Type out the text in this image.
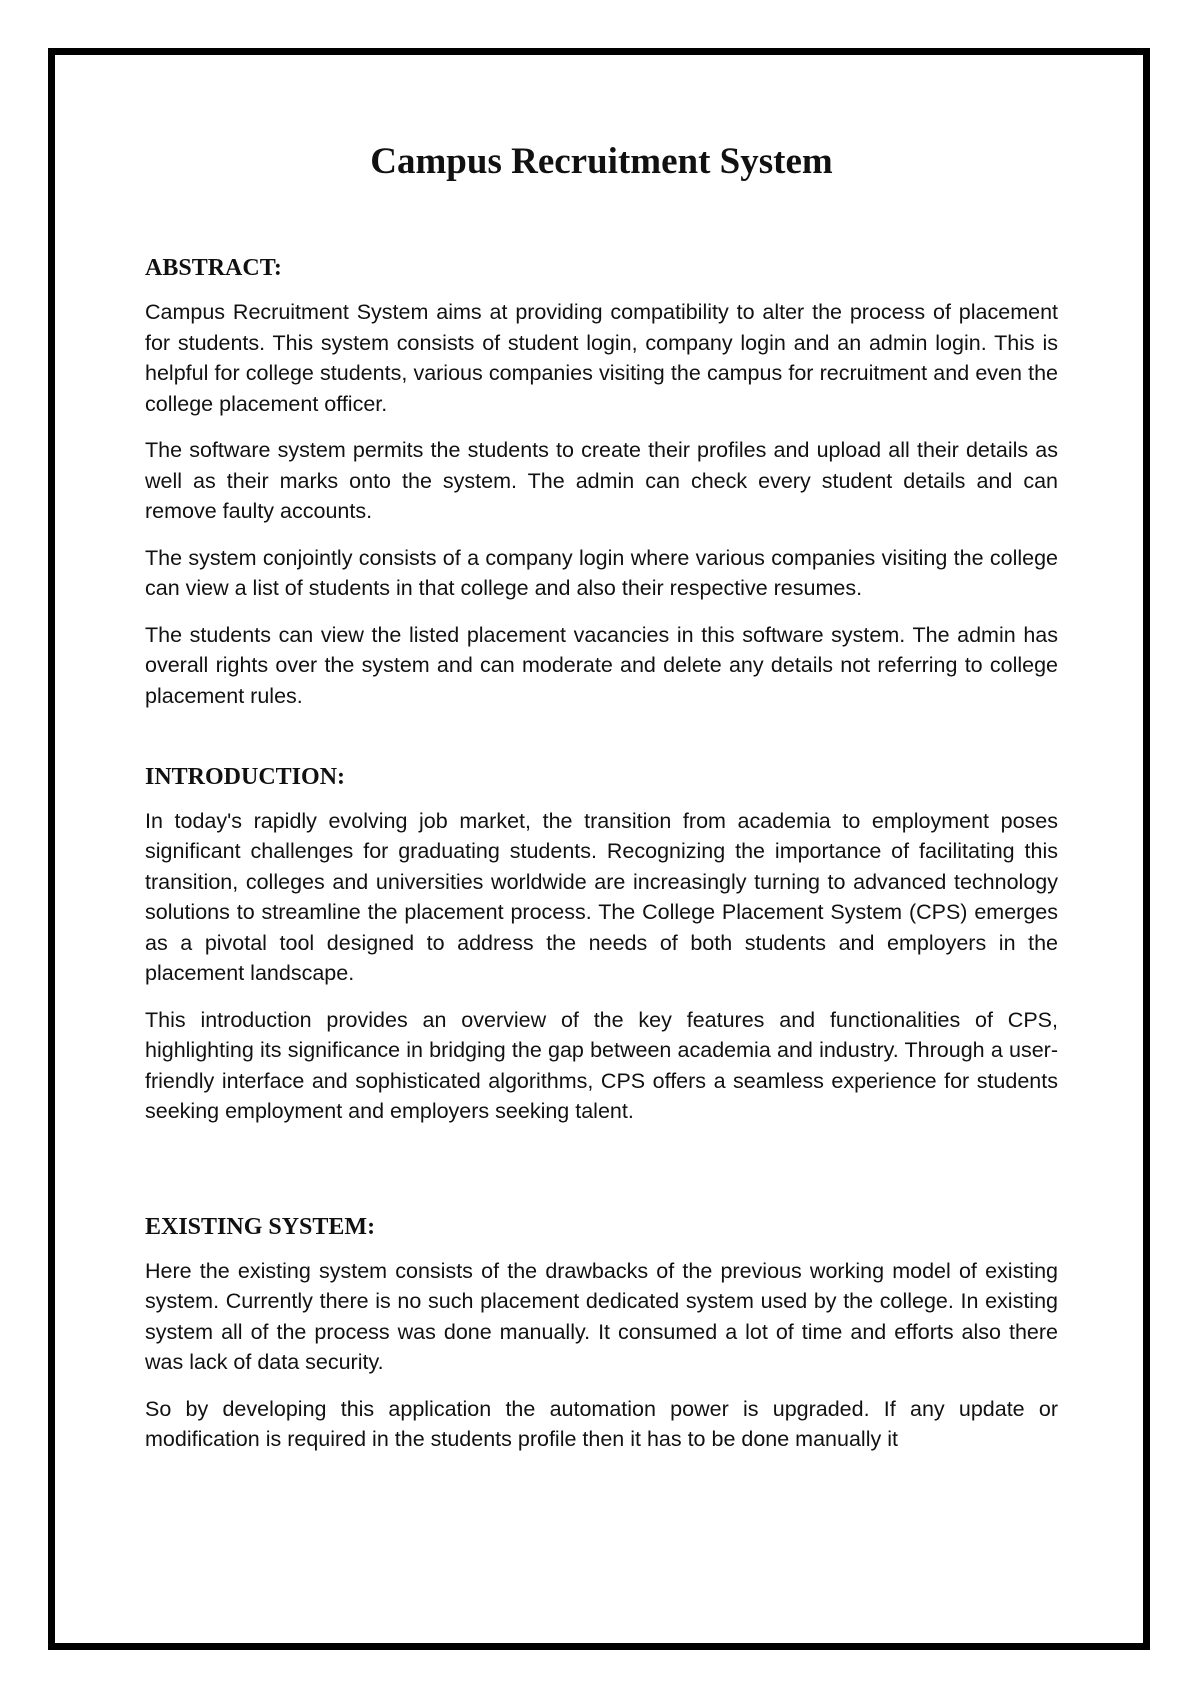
Campus Recruitment System
ABSTRACT:

Campus Recruitment System aims at providing compatibility to alter the process of placement for students. This system consists of student login, company login and an admin login. This is helpful for college students, various companies visiting the campus for recruitment and even the college placement officer.

The software system permits the students to create their profiles and upload all their details as well as their marks onto the system. The admin can check every student details and can remove faulty accounts.

The system conjointly consists of a company login where various companies visiting the college can view a list of students in that college and also their respective resumes.

The students can view the listed placement vacancies in this software system. The admin has overall rights over the system and can moderate and delete any details not referring to college placement rules.

INTRODUCTION:

In today's rapidly evolving job market, the transition from academia to employment poses significant challenges for graduating students. Recognizing the importance of facilitating this transition, colleges and universities worldwide are increasingly turning to advanced technology solutions to streamline the placement process. The College Placement System (CPS) emerges as a pivotal tool designed to address the needs of both students and employers in the placement landscape.

This introduction provides an overview of the key features and functionalities of CPS, highlighting its significance in bridging the gap between academia and industry. Through a user-friendly interface and sophisticated algorithms, CPS offers a seamless experience for students seeking employment and employers seeking talent.

EXISTING SYSTEM:

Here the existing system consists of the drawbacks of the previous working model of existing system. Currently there is no such placement dedicated system used by the college. In existing system all of the process was done manually. It consumed a lot of time and efforts also there was lack of data security.

So by developing this application the automation power is upgraded. If any update or modification is required in the students profile then it has to be done manually it
